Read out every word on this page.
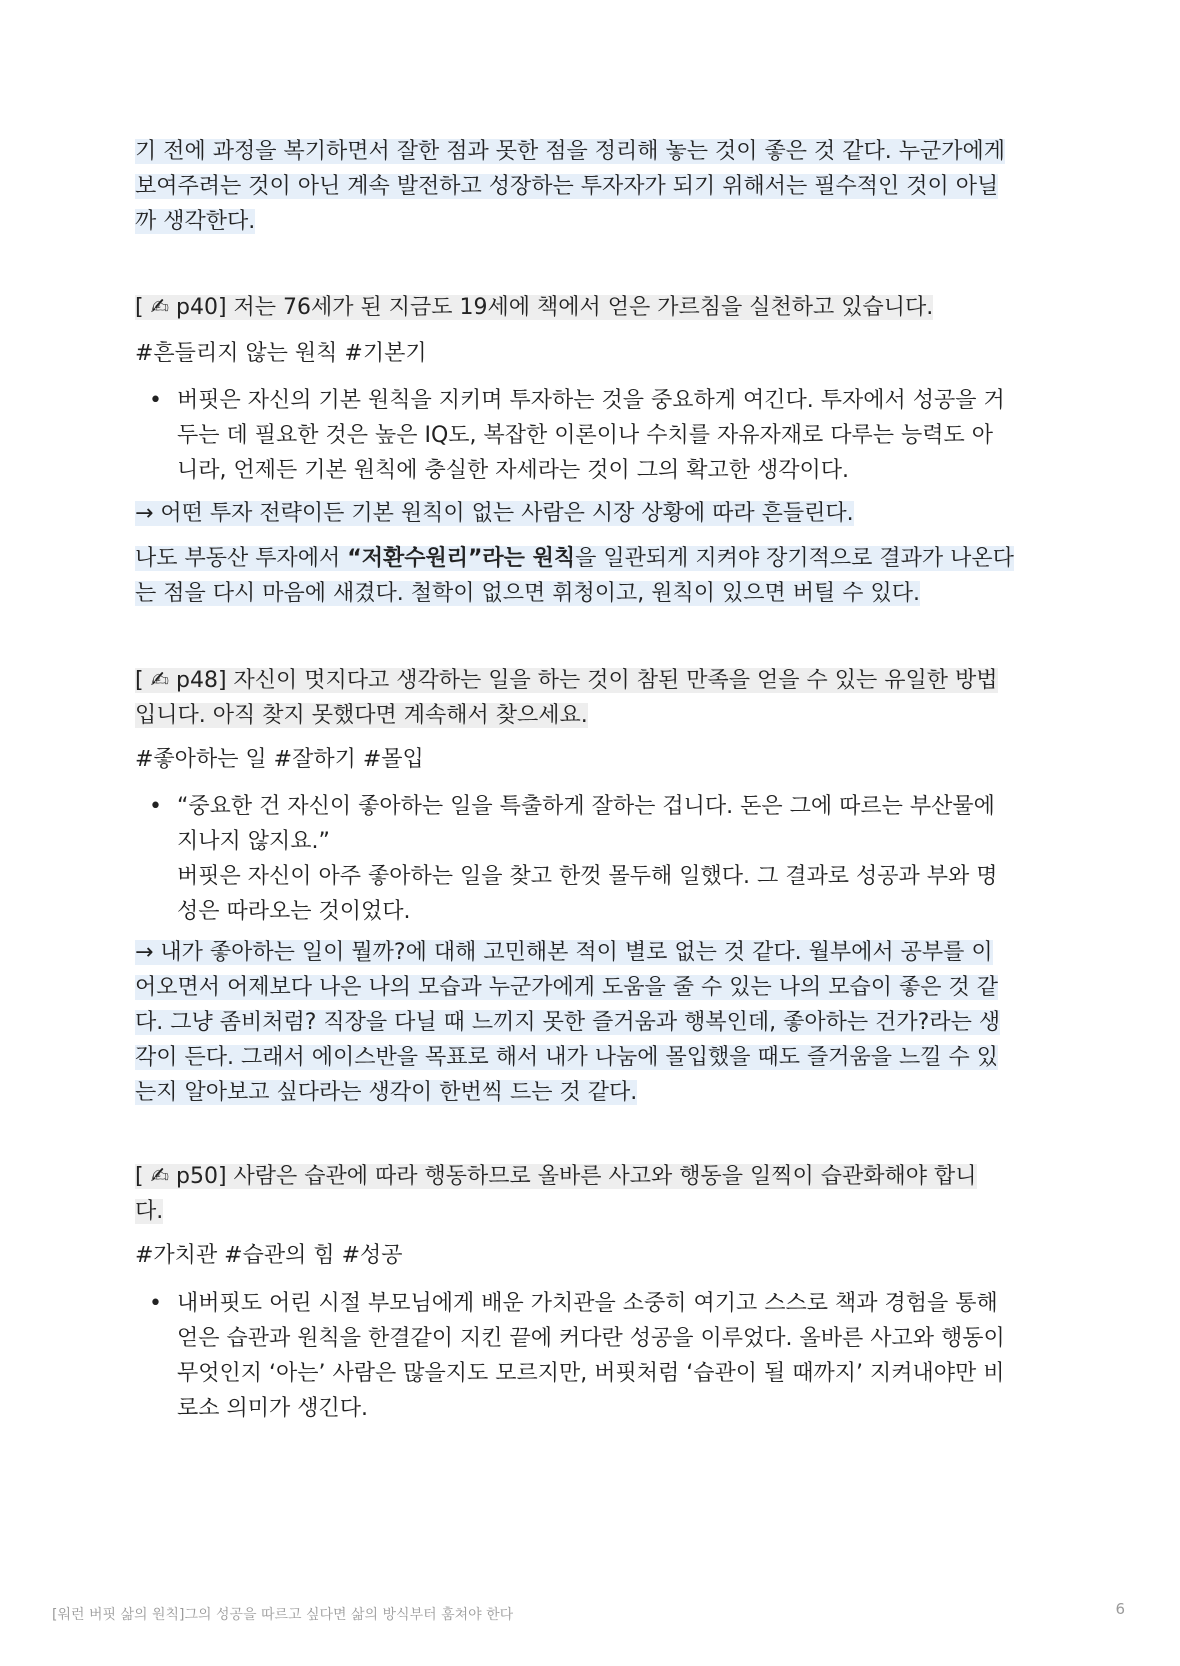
기 전에 과정을 복기하면서 잘한 점과 못한 점을 정리해 놓는 것이 좋은 것 같다. 누군가에게
보여주려는 것이 아닌 계속 발전하고 성장하는 투자자가 되기 위해서는 필수적인 것이 아닐
까 생각한다.
[ ✍ p40] 저는 76세가 된 지금도 19세에 책에서 얻은 가르침을 실천하고 있습니다.
#흔들리지 않는 원칙 #기본기
• 버핏은 자신의 기본 원칙을 지키며 투자하는 것을 중요하게 여긴다. 투자에서 성공을 거
두는 데 필요한 것은 높은 IQ도, 복잡한 이론이나 수치를 자유자재로 다루는 능력도 아
니라, 언제든 기본 원칙에 충실한 자세라는 것이 그의 확고한 생각이다.
→ 어떤 투자 전략이든 기본 원칙이 없는 사람은 시장 상황에 따라 흔들린다.
나도 부동산 투자에서 “저환수원리”라는 원칙을 일관되게 지켜야 장기적으로 결과가 나온다
는 점을 다시 마음에 새겼다. 철학이 없으면 휘청이고, 원칙이 있으면 버틸 수 있다.
[ ✍ p48] 자신이 멋지다고 생각하는 일을 하는 것이 참된 만족을 얻을 수 있는 유일한 방법
입니다. 아직 찾지 못했다면 계속해서 찾으세요.
#좋아하는 일 #잘하기 #몰입
• “중요한 건 자신이 좋아하는 일을 특출하게 잘하는 겁니다. 돈은 그에 따르는 부산물에
지나지 않지요.”
버핏은 자신이 아주 좋아하는 일을 찾고 한껏 몰두해 일했다. 그 결과로 성공과 부와 명
성은 따라오는 것이었다.
→ 내가 좋아하는 일이 뭘까?에 대해 고민해본 적이 별로 없는 것 같다. 월부에서 공부를 이
어오면서 어제보다 나은 나의 모습과 누군가에게 도움을 줄 수 있는 나의 모습이 좋은 것 같
다. 그냥 좀비처럼? 직장을 다닐 때 느끼지 못한 즐거움과 행복인데, 좋아하는 건가?라는 생
각이 든다. 그래서 에이스반을 목표로 해서 내가 나눔에 몰입했을 때도 즐거움을 느낄 수 있
는지 알아보고 싶다라는 생각이 한번씩 드는 것 같다.
[ ✍ p50] 사람은 습관에 따라 행동하므로 올바른 사고와 행동을 일찍이 습관화해야 합니
다.
#가치관 #습관의 힘 #성공
• 내버핏도 어린 시절 부모님에게 배운 가치관을 소중히 여기고 스스로 책과 경험을 통해
얻은 습관과 원칙을 한결같이 지킨 끝에 커다란 성공을 이루었다. 올바른 사고와 행동이
무엇인지 ‘아는’ 사람은 많을지도 모르지만, 버핏처럼 ‘습관이 될 때까지’ 지켜내야만 비
로소 의미가 생긴다.
[워런 버핏 삶의 원칙]그의 성공을 따르고 싶다면 삶의 방식부터 훔쳐야 한다	6
